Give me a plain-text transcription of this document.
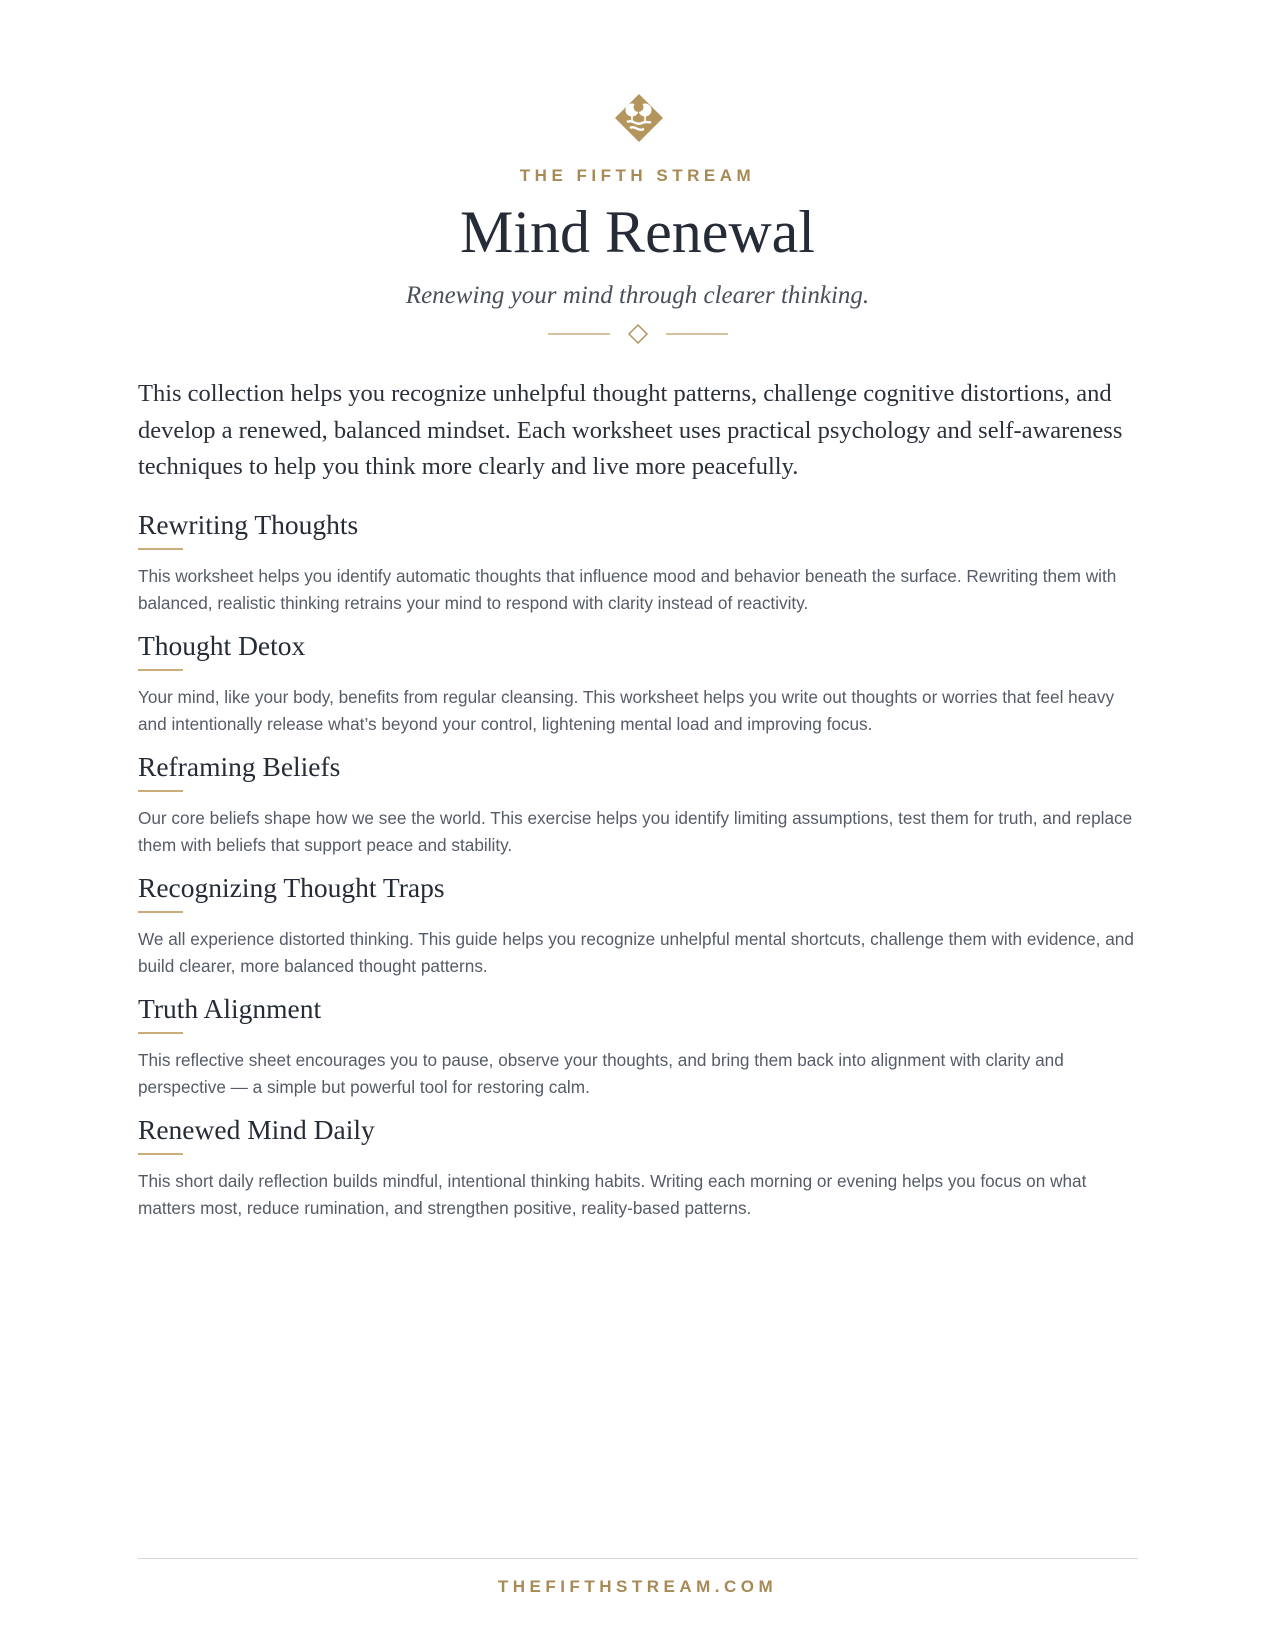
THE FIFTH STREAM
Mind Renewal
Renewing your mind through clearer thinking.

This collection helps you recognize unhelpful thought patterns, challenge cognitive distortions, and develop a renewed, balanced mindset. Each worksheet uses practical psychology and self-awareness techniques to help you think more clearly and live more peacefully.

Rewriting Thoughts

This worksheet helps you identify automatic thoughts that influence mood and behavior beneath the surface. Rewriting them with balanced, realistic thinking retrains your mind to respond with clarity instead of reactivity.

Thought Detox

Your mind, like your body, benefits from regular cleansing. This worksheet helps you write out thoughts or worries that feel heavy and intentionally release what’s beyond your control, lightening mental load and improving focus.

Reframing Beliefs

Our core beliefs shape how we see the world. This exercise helps you identify limiting assumptions, test them for truth, and replace them with beliefs that support peace and stability.

Recognizing Thought Traps

We all experience distorted thinking. This guide helps you recognize unhelpful mental shortcuts, challenge them with evidence, and build clearer, more balanced thought patterns.

Truth Alignment

This reflective sheet encourages you to pause, observe your thoughts, and bring them back into alignment with clarity and perspective — a simple but powerful tool for restoring calm.

Renewed Mind Daily

This short daily reflection builds mindful, intentional thinking habits. Writing each morning or evening helps you focus on what matters most, reduce rumination, and strengthen positive, reality-based patterns.

THEFIFTHSTREAM.COM
